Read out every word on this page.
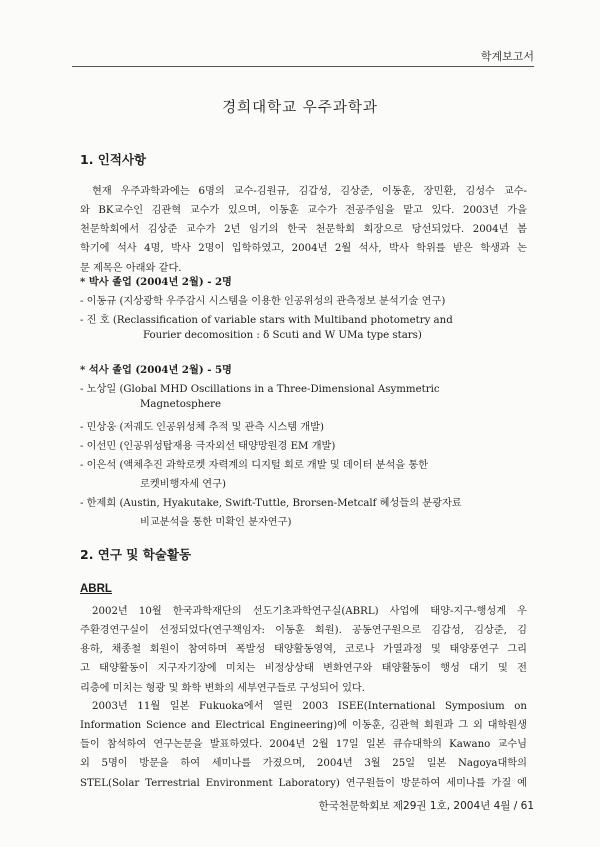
학계보고서
경희대학교 우주과학과
1. 인적사항
현재 우주과학과에는 6명의 교수-김원규, 김갑성, 김상준, 이동훈, 장민환, 김성수 교수-
와 BK교수인 김관혁 교수가 있으며, 이동훈 교수가 전공주임을 맡고 있다. 2003년 가을
천문학회에서 김상준 교수가 2년 임기의 한국 천문학회 회장으로 당선되었다. 2004년 봄
학기에 석사 4명, 박사 2명이 입학하였고, 2004년 2월 석사, 박사 학위를 받은 학생과 논
문 제목은 아래와 같다.
* 박사 졸업 (2004년 2월) - 2명
- 이동규 (지상광학 우주감시 시스템을 이용한 인공위성의 관측정보 분석기술 연구)
- 진 호 (Reclassification of variable stars with Multiband photometry and
Fourier decomosition : δ Scuti and W UMa type stars)
* 석사 졸업 (2004년 2월) - 5명
- 노상일 (Global MHD Oscillations in a Three-Dimensional Asymmetric
Magnetosphere
- 민상웅 (저궤도 인공위성체 추적 및 관측 시스템 개발)
- 이선민 (인공위성탑재용 극자외선 태양망원경 EM 개발)
- 이은석 (액체추진 과학로켓 자력계의 디지털 회로 개발 및 데이터 분석을 통한
로켓비행자세 연구)
- 한제희 (Austin, Hyakutake, Swift-Tuttle, Brorsen-Metcalf 혜성들의 분광자료
비교분석을 통한 미확인 분자연구)
2. 연구 및 학술활동
ABRL
2002년 10월 한국과학재단의 선도기초과학연구실(ABRL) 사업에 태양-지구-행성계 우
주환경연구실이 선정되었다(연구책임자: 이동훈 회원). 공동연구원으로 김갑성, 김상준, 김
용하, 채종철 회원이 참여하며 폭발성 태양활동영역, 코로나 가열과정 및 태양풍연구 그리
고 태양활동이 지구자기장에 미치는 비정상상태 변화연구와 태양활동이 행성 대기 및 전
리층에 미치는 형광 및 화학 변화의 세부연구들로 구성되어 있다.
2003년 11월 일본 Fukuoka에서 열린 2003 ISEE(International Symposium on
Information Science and Electrical Engineering)에 이동훈, 김관혁 회원과 그 외 대학원생
들이 참석하여 연구논문을 발표하였다. 2004년 2월 17일 일본 큐슈대학의 Kawano 교수님
외 5명이 방문을 하여 세미나를 가졌으며, 2004년 3월 25일 일본 Nagoya대학의
STEL(Solar Terrestrial Environment Laboratory) 연구원들이 방문하여 세미나를 가질 예
한국천문학회보 제29권 1호, 2004년 4월 / 61
